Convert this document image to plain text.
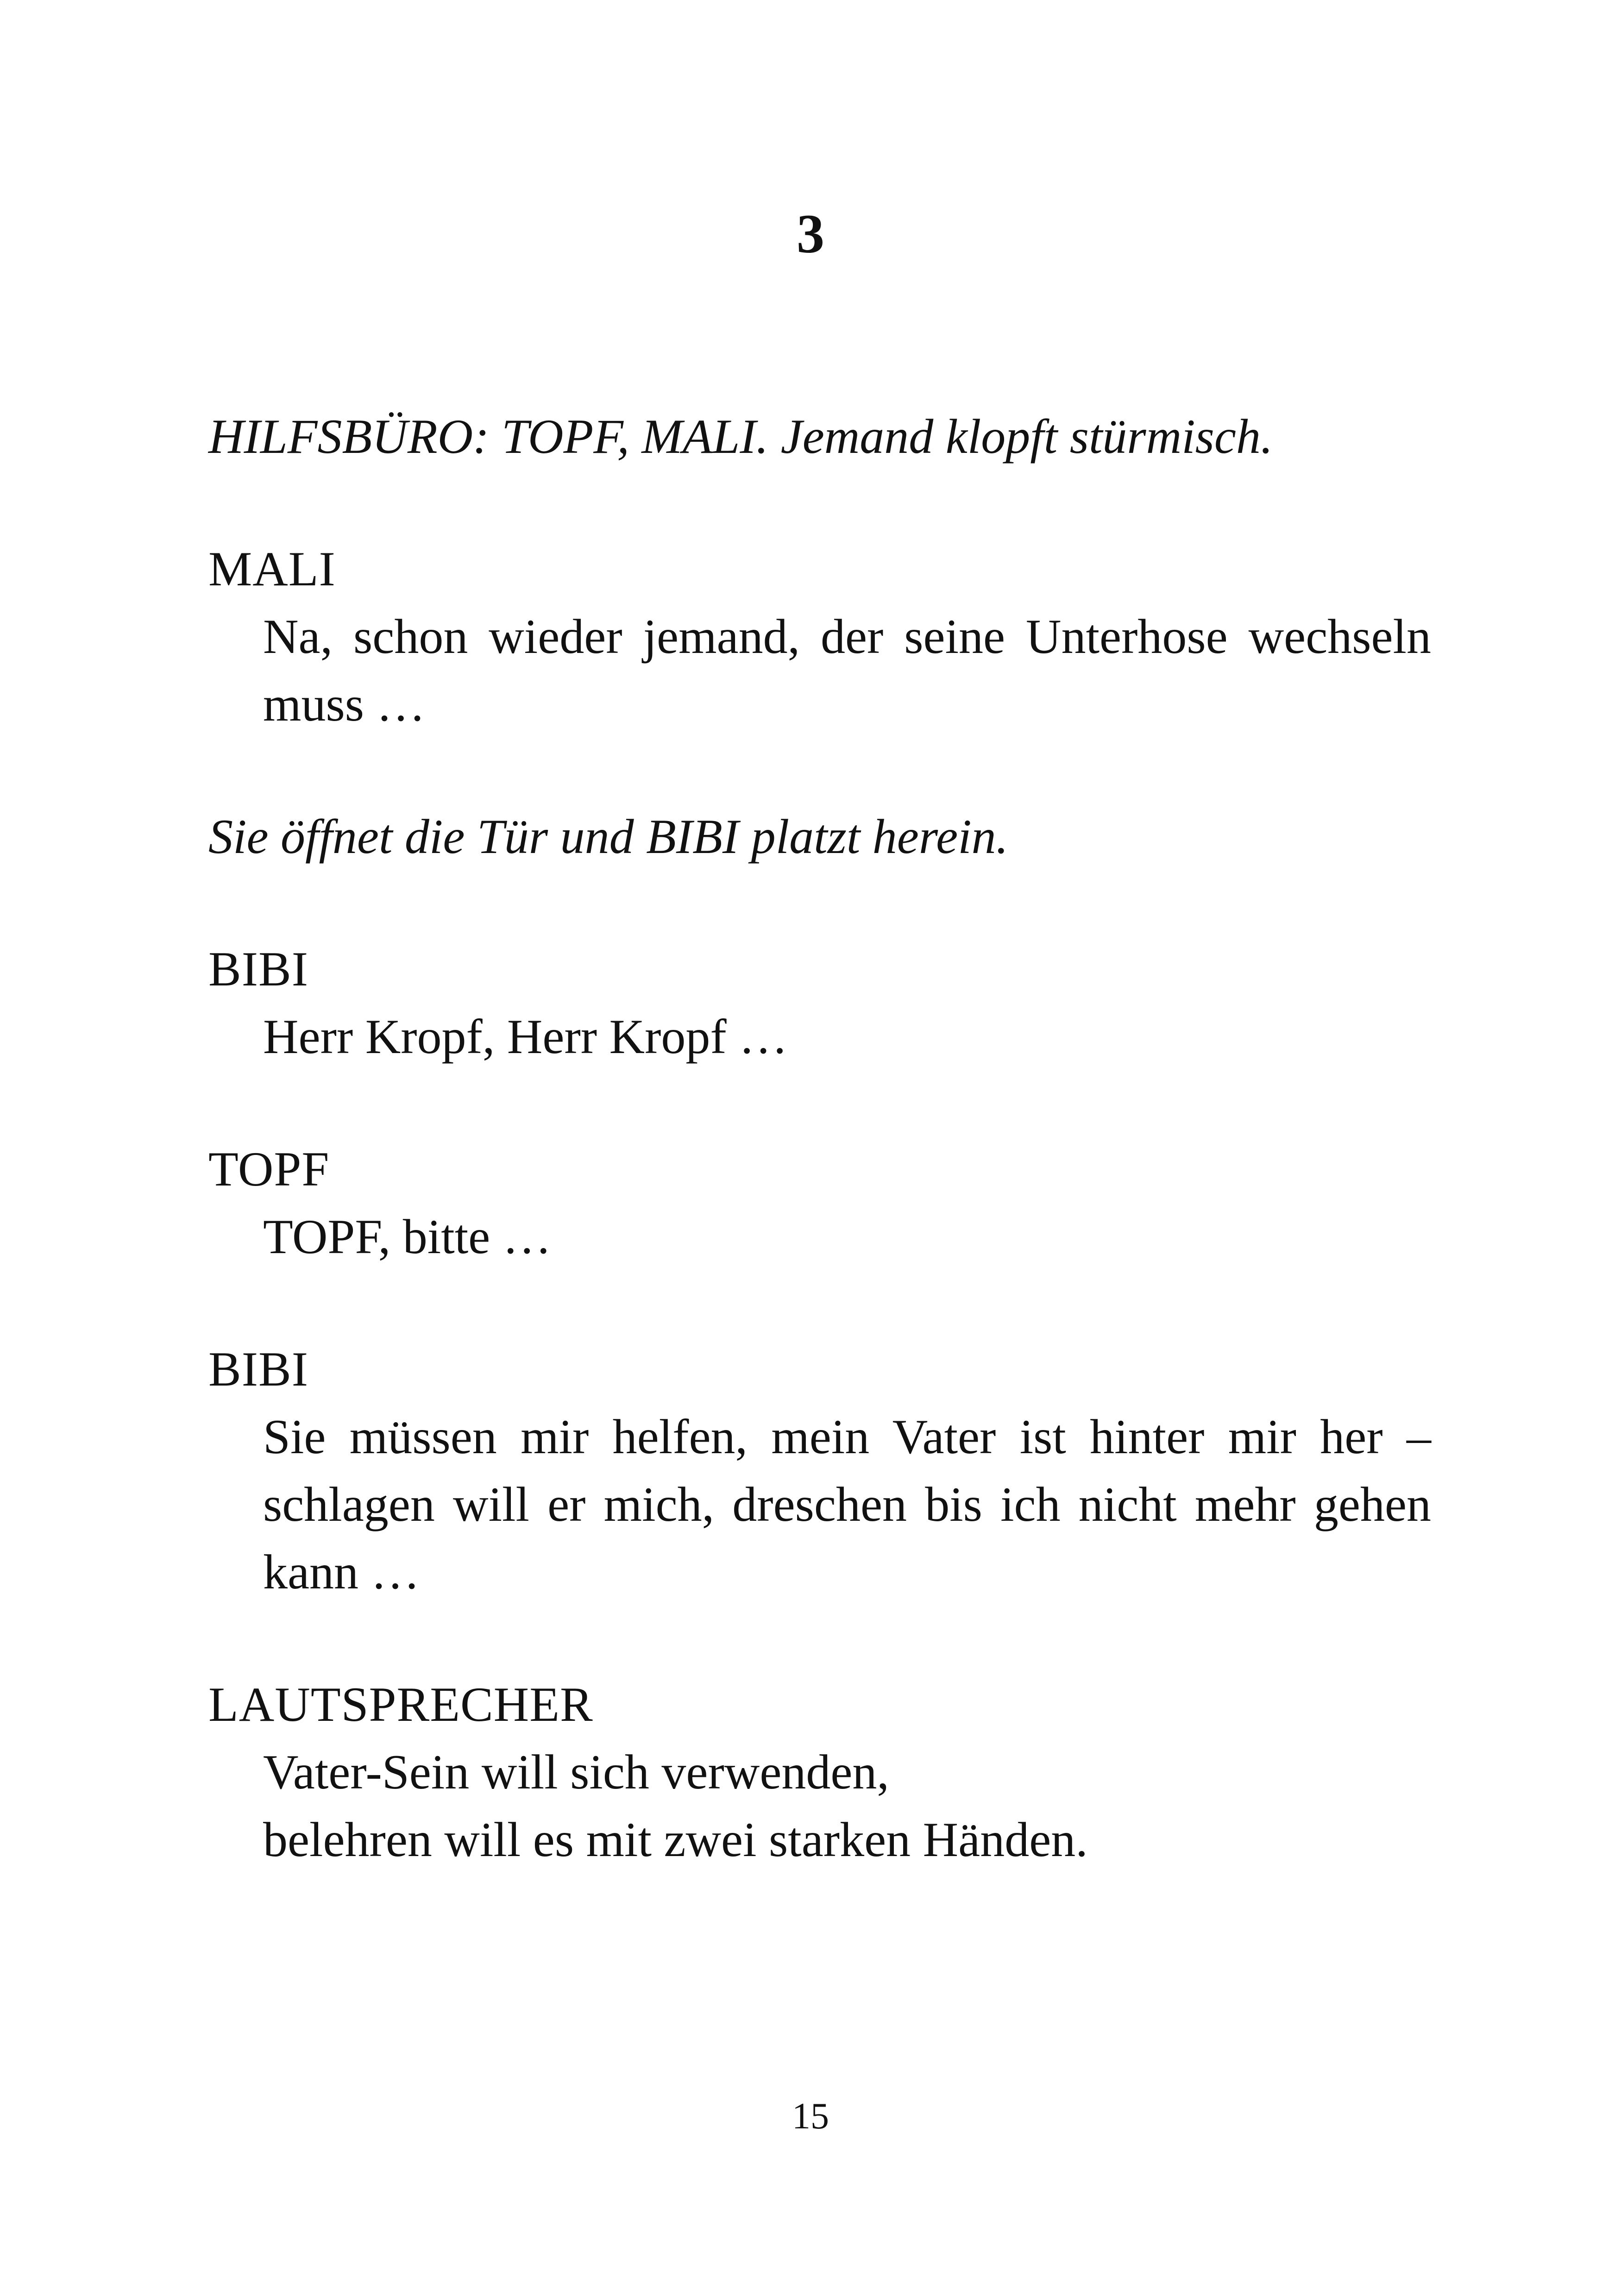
3

HILFSBÜRO: TOPF, MALI. Jemand klopft stürmisch.

MALI

Na, schon wieder jemand, der seine Unterhose wechseln muss …

Sie öffnet die Tür und BIBI platzt herein.

BIBI

Herr Kropf, Herr Kropf …

TOPF

TOPF, bitte …

BIBI

Sie müssen mir helfen, mein Vater ist hinter mir her – schlagen will er mich, dreschen bis ich nicht mehr gehen kann …

LAUTSPRECHER

Vater-Sein will sich verwenden,
belehren will es mit zwei starken Händen.

15
